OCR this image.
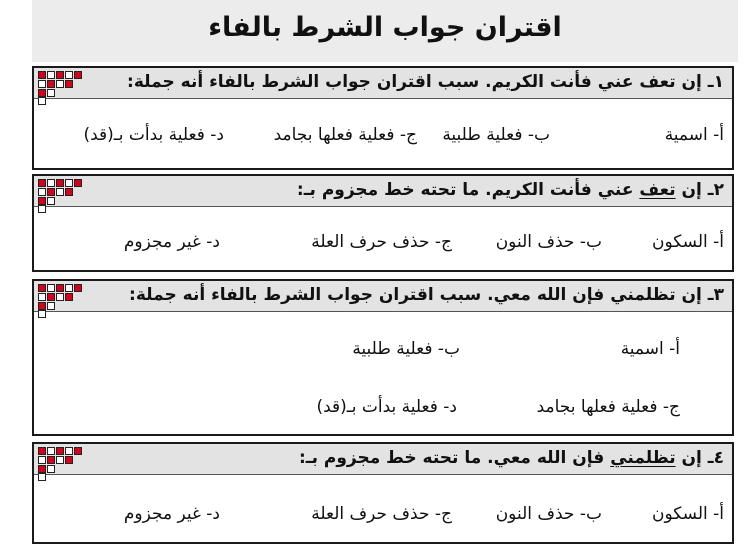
اقتران جواب الشرط بالفاء
١ـ إن تعف عني فأنت الكريم. سبب اقتران جواب الشرط بالفاء أنه جملة:
أ- اسمية
ب- فعلية طلبية
ج- فعلية فعلها بجامد
د- فعلية بدأت بـ(قد)
٢ـ إن تعف عني فأنت الكريم. ما تحته خط مجزوم بـ:
أ- السكون
ب- حذف النون
ج- حذف حرف العلة
د- غير مجزوم
٣ـ إن تظلمني فإن الله معي. سبب اقتران جواب الشرط بالفاء أنه جملة:
أ- اسمية
ب- فعلية طلبية
ج- فعلية فعلها بجامد
د- فعلية بدأت بـ(قد)
٤ـ إن تظلمني فإن الله معي. ما تحته خط مجزوم بـ:
أ- السكون
ب- حذف النون
ج- حذف حرف العلة
د- غير مجزوم
